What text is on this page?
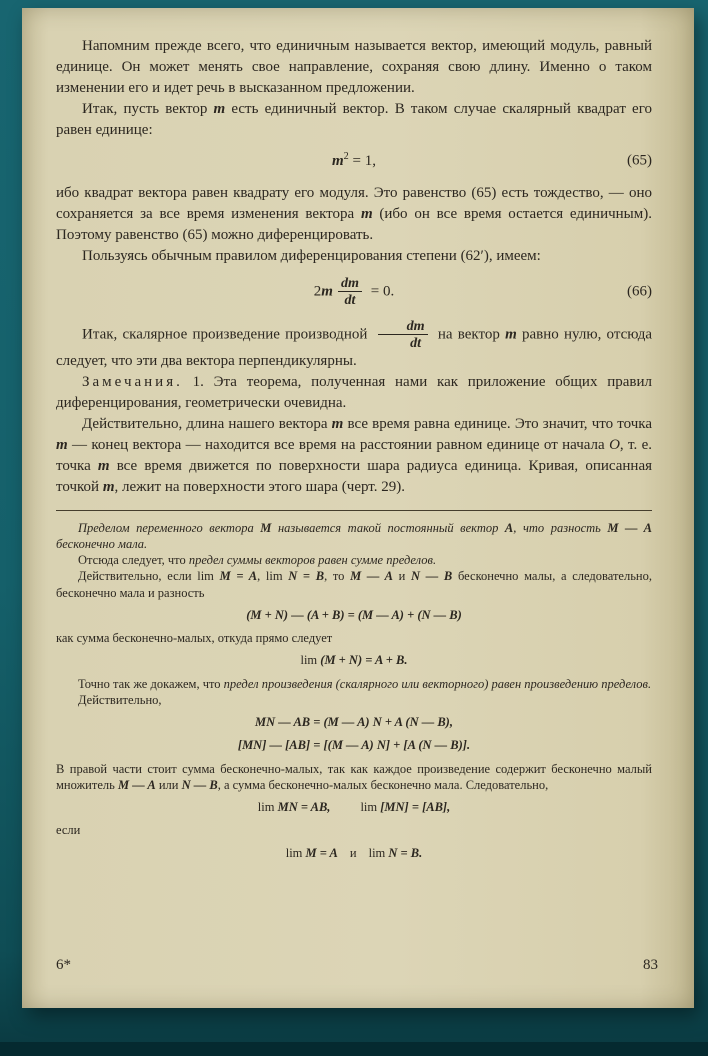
Напомним прежде всего, что единичным называется вектор, имеющий модуль, равный единице. Он может менять свое направление, сохраняя свою длину. Именно о таком изменении его и идет речь в высказанном предложении.

Итак, пусть вектор m есть единичный вектор. В таком случае скалярный квадрат его равен единице:

$m^2 = 1$,	(65)

ибо квадрат вектора равен квадрату его модуля. Это равенство (65) есть тождество, — оно сохраняется за все время изменения вектора m (ибо он все время остается единичным). Поэтому равенство (65) можно диференцировать.

Пользуясь обычным правилом диференцирования степени (62′), имеем:

$2m \frac{dm}{dt} = 0$.	(66)

Итак, скалярное произведение производной $\frac{dm}{dt}$ на вектор m равно нулю, отсюда следует, что эти два вектора перпендикулярны.

Замечания. 1. Эта теорема, полученная нами как приложение общих правил диференцирования, геометрически очевидна.

Действительно, длина нашего вектора m все время равна единице. Это значит, что точка m — конец вектора — находится все время на расстоянии равном единице от начала O, т. е. точка m все время движется по поверхности шара радиуса единица. Кривая, описанная точкой m, лежит на поверхности этого шара (черт. 29).

Пределом переменного вектора M называется такой постоянный вектор A, что разность M — A бесконечно мала.

Отсюда следует, что предел суммы векторов равен сумме пределов.

Действительно, если lim M = A, lim N = B, то M — A и N — B бесконечно малы, а следовательно, бесконечно мала и разность

(M + N) — (A + B) = (M — A) + (N — B)

как сумма бесконечно-малых, откуда прямо следует

lim (M + N) = A + B.

Точно так же докажем, что предел произведения (скалярного или векторного) равен произведению пределов.

Действительно,

MN — AB = (M — A) N + A (N — B),
[MN] — [AB] = [(M — A) N] + [A (N — B)].

В правой части стоит сумма бесконечно-малых, так как каждое произведение содержит бесконечно малый множитель M — A или N — B, а сумма бесконечно-малых бесконечно мала. Следовательно,

lim MN = AB, lim [MN] = [AB],

если

lim M = A и lim N = B.
6*	83
